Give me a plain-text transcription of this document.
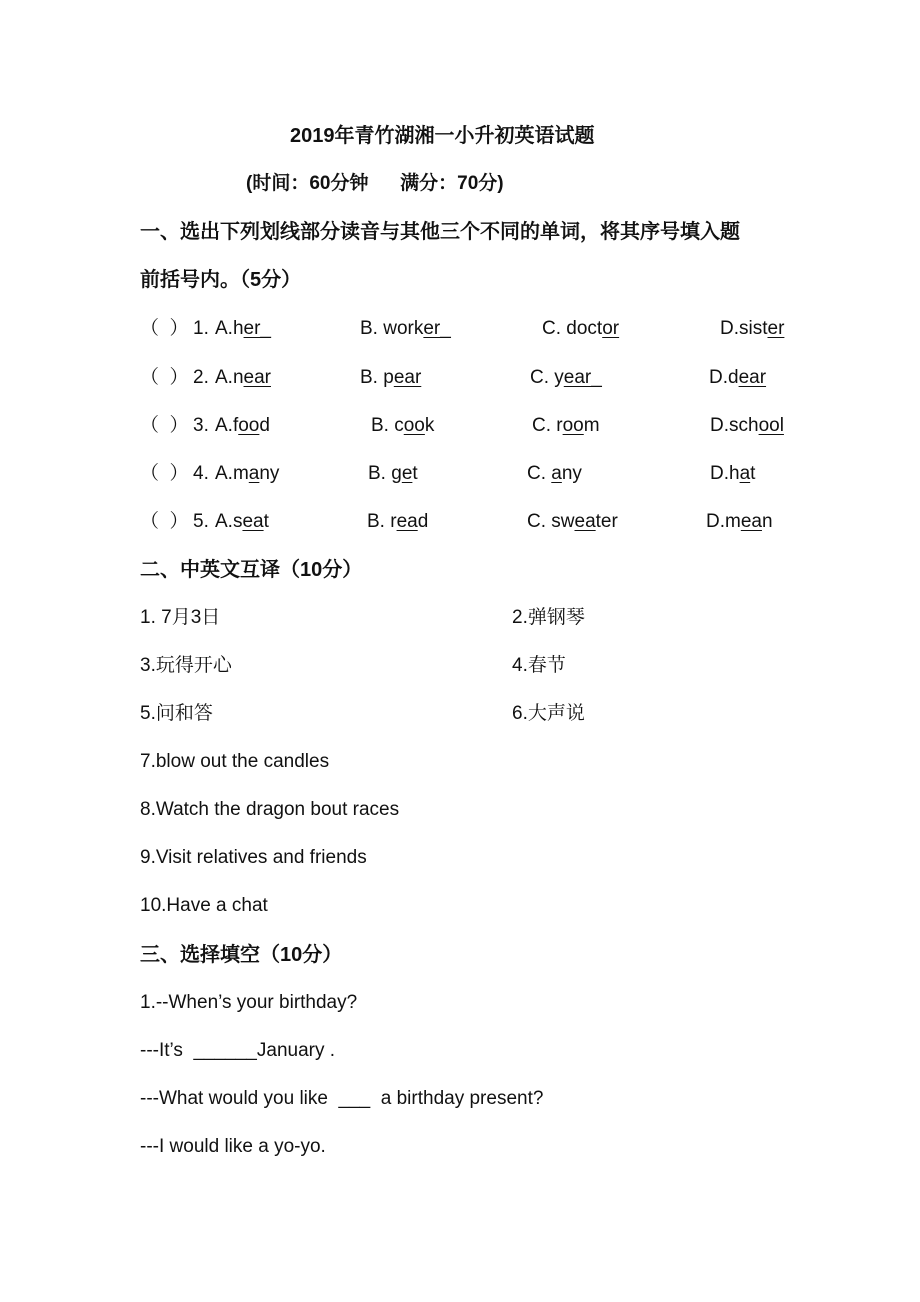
2019年青竹湖湘一小升初英语试题
(时间：60分钟      满分：70分)
一、选出下列划线部分读音与其他三个不同的单词，将其序号填入题
前括号内。（5分）
（  ） 1. A.her_	B. worker_	C. doctor	D.sister
（  ） 2. A.near	B. pear	C. year_	D.dear
（  ） 3. A.food	B. cook	C. room	D.school
（  ） 4. A.many	B. get	C. any	D.hat
（  ） 5. A.seat	B. read	C. sweater	D.mean
二、中英文互译（10分）
1. 7月3日	2.弹钢琴
3.玩得开心	4.春节
5.问和答	6.大声说
7.blow out the candles
8.Watch the dragon bout races
9.Visit relatives and friends
10.Have a chat
三、选择填空（10分）
1.--When’s your birthday?
---It’s  ______January .
---What would you like  ___  a birthday present?
---I would like a yo-yo.
